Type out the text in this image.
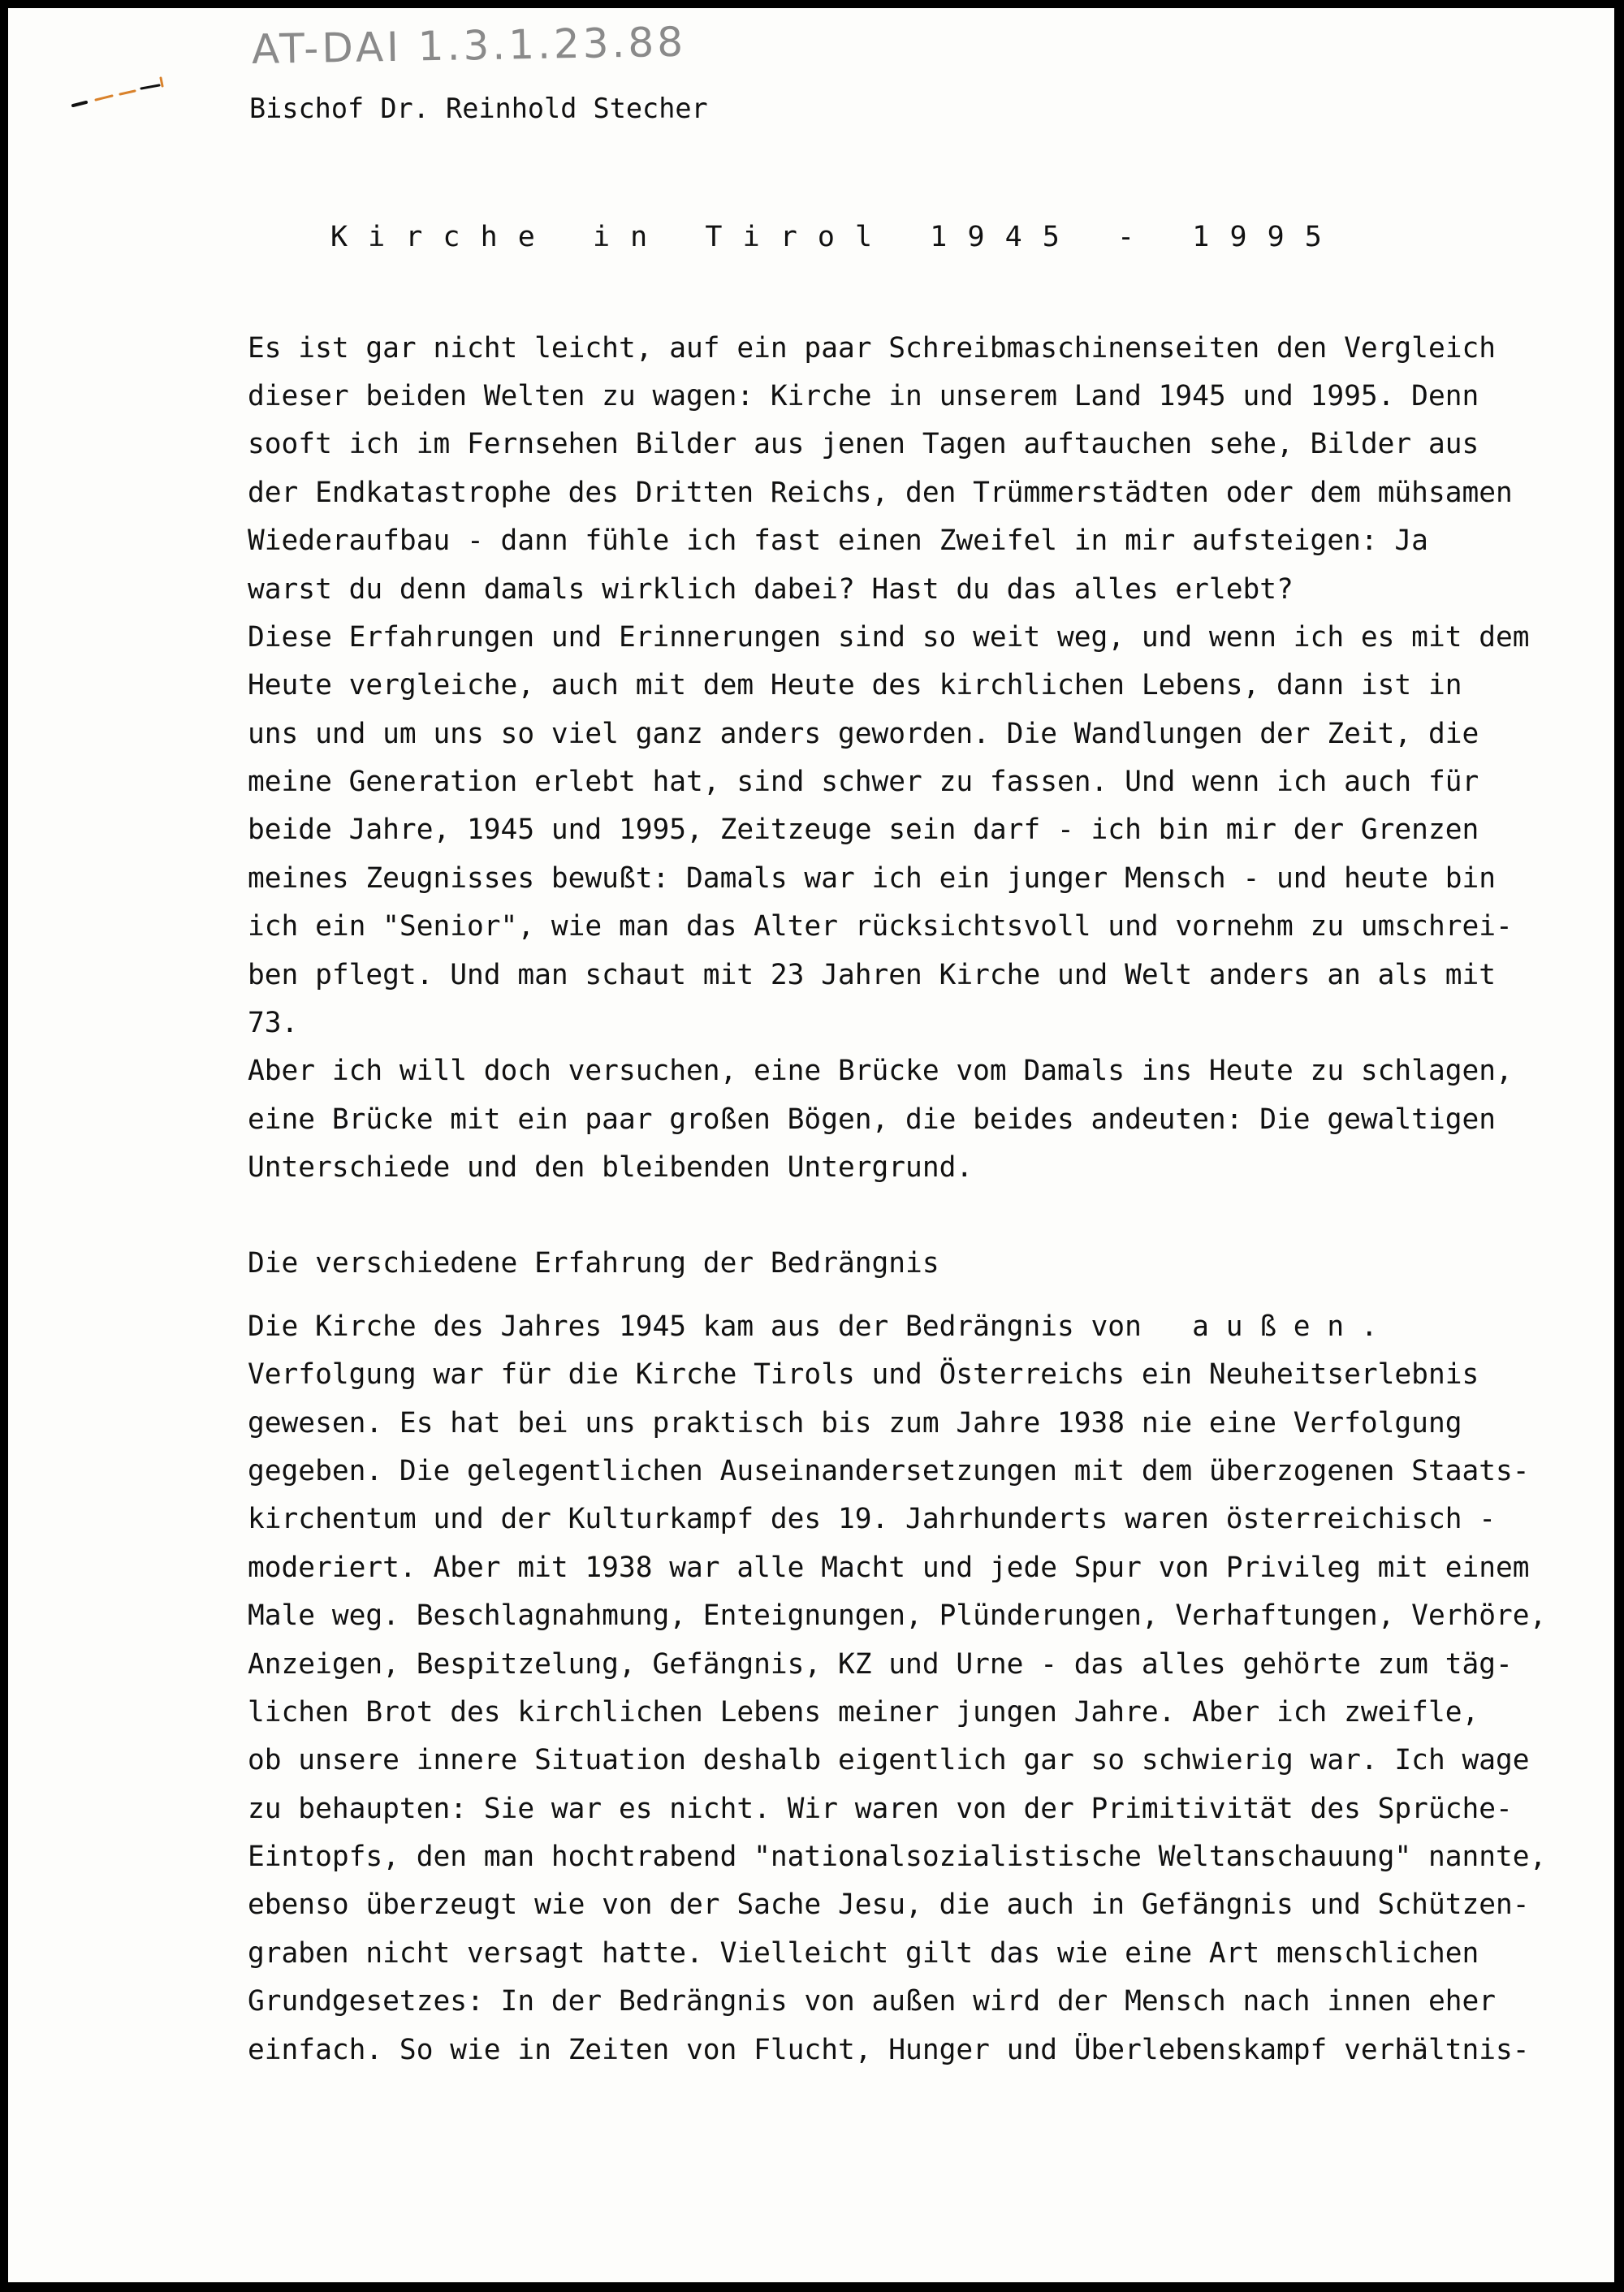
AT-DAI 1.3.1.23.88
Bischof Dr. Reinhold Stecher
K i r c h e   i n   T i r o l   1 9 4 5   -   1 9 9 5
Es ist gar nicht leicht, auf ein paar Schreibmaschinenseiten den Vergleich
dieser beiden Welten zu wagen: Kirche in unserem Land 1945 und 1995. Denn
sooft ich im Fernsehen Bilder aus jenen Tagen auftauchen sehe, Bilder aus
der Endkatastrophe des Dritten Reichs, den Trümmerstädten oder dem mühsamen
Wiederaufbau - dann fühle ich fast einen Zweifel in mir aufsteigen: Ja
warst du denn damals wirklich dabei? Hast du das alles erlebt?
Diese Erfahrungen und Erinnerungen sind so weit weg, und wenn ich es mit dem
Heute vergleiche, auch mit dem Heute des kirchlichen Lebens, dann ist in
uns und um uns so viel ganz anders geworden. Die Wandlungen der Zeit, die
meine Generation erlebt hat, sind schwer zu fassen. Und wenn ich auch für
beide Jahre, 1945 und 1995, Zeitzeuge sein darf - ich bin mir der Grenzen
meines Zeugnisses bewußt: Damals war ich ein junger Mensch - und heute bin
ich ein "Senior", wie man das Alter rücksichtsvoll und vornehm zu umschrei-
ben pflegt. Und man schaut mit 23 Jahren Kirche und Welt anders an als mit
73.
Aber ich will doch versuchen, eine Brücke vom Damals ins Heute zu schlagen,
eine Brücke mit ein paar großen Bögen, die beides andeuten: Die gewaltigen
Unterschiede und den bleibenden Untergrund.
Die verschiedene Erfahrung der Bedrängnis
Die Kirche des Jahres 1945 kam aus der Bedrängnis von   a u ß e n .
Verfolgung war für die Kirche Tirols und Österreichs ein Neuheitserlebnis
gewesen. Es hat bei uns praktisch bis zum Jahre 1938 nie eine Verfolgung
gegeben. Die gelegentlichen Auseinandersetzungen mit dem überzogenen Staats-
kirchentum und der Kulturkampf des 19. Jahrhunderts waren österreichisch -
moderiert. Aber mit 1938 war alle Macht und jede Spur von Privileg mit einem
Male weg. Beschlagnahmung, Enteignungen, Plünderungen, Verhaftungen, Verhöre,
Anzeigen, Bespitzelung, Gefängnis, KZ und Urne - das alles gehörte zum täg-
lichen Brot des kirchlichen Lebens meiner jungen Jahre. Aber ich zweifle,
ob unsere innere Situation deshalb eigentlich gar so schwierig war. Ich wage
zu behaupten: Sie war es nicht. Wir waren von der Primitivität des Sprüche-
Eintopfs, den man hochtrabend "nationalsozialistische Weltanschauung" nannte,
ebenso überzeugt wie von der Sache Jesu, die auch in Gefängnis und Schützen-
graben nicht versagt hatte. Vielleicht gilt das wie eine Art menschlichen
Grundgesetzes: In der Bedrängnis von außen wird der Mensch nach innen eher
einfach. So wie in Zeiten von Flucht, Hunger und Überlebenskampf verhältnis-
